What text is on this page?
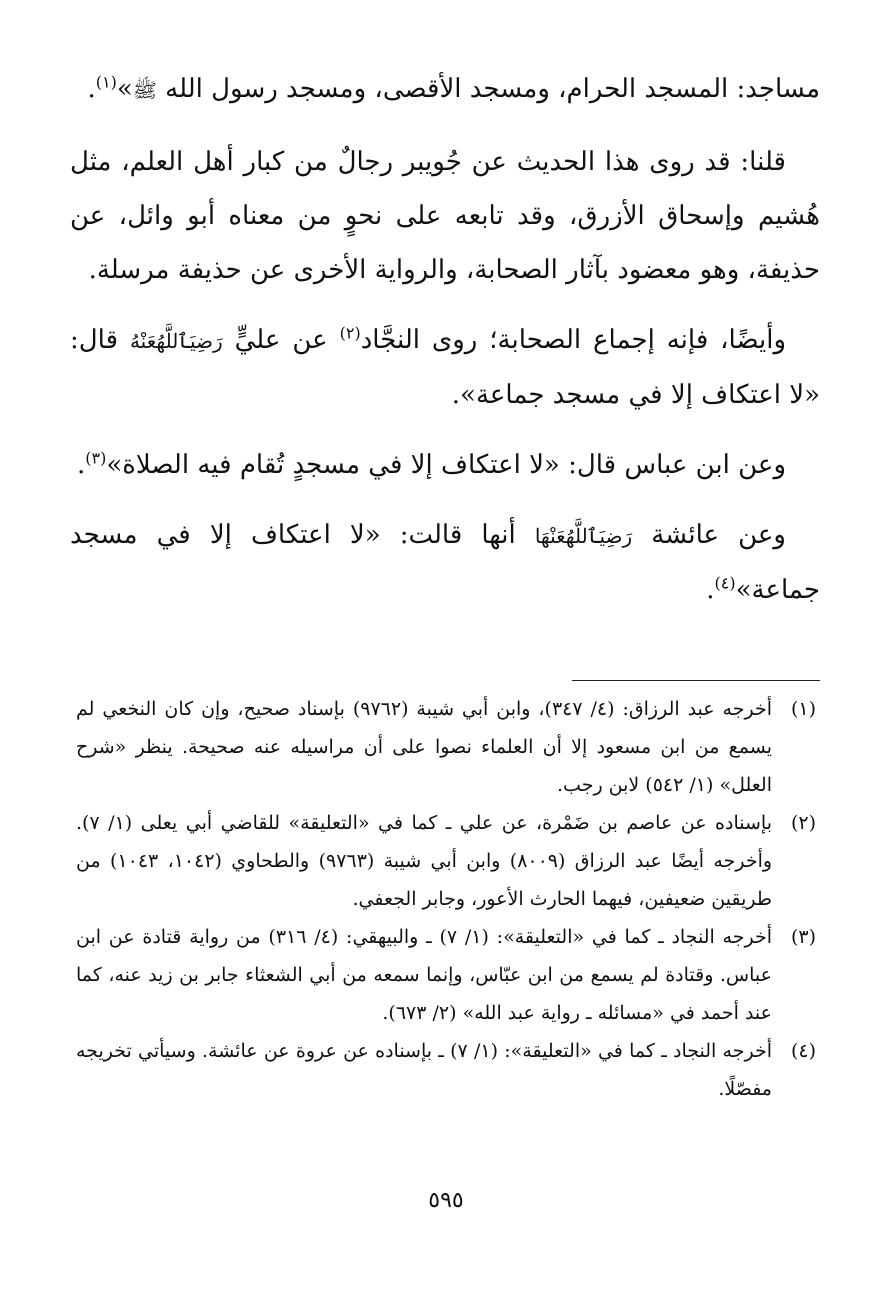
مساجد: المسجد الحرام، ومسجد الأقصى، ومسجد رسول الله ﷺ»$^{(١)}$.

قلنا: قد روى هذا الحديث عن جُويبر رجالٌ من كبار أهل العلم، مثل هُشيم وإسحاق الأزرق، وقد تابعه على نحوٍ من معناه أبو وائل، عن حذيفة، وهو معضود بآثار الصحابة، والرواية الأخرى عن حذيفة مرسلة.

وأيضًا، فإنه إجماع الصحابة؛ روى النجَّاد$^{(٢)}$ عن عليٍّ رَضِيَٱللَّهُعَنْهُ قال: «لا اعتكاف إلا في مسجد جماعة».

وعن ابن عباس قال: «لا اعتكاف إلا في مسجدٍ تُقام فيه الصلاة»$^{(٣)}$.

وعن عائشة رَضِيَٱللَّهُعَنْهَا أنها قالت: «لا اعتكاف إلا في مسجد جماعة»$^{(٤)}$.

(١)
أخرجه عبد الرزاق: (٤/ ٣٤٧)، وابن أبي شيبة (٩٧٦٢) بإسناد صحيح، وإن كان النخعي لم يسمع من ابن مسعود إلا أن العلماء نصوا على أن مراسيله عنه صحيحة. ينظر «شرح العلل» (١/ ٥٤٢) لابن رجب.
(٢)
بإسناده عن عاصم بن ضَمْرة، عن علي ـ كما في «التعليقة» للقاضي أبي يعلى (١/ ٧). وأخرجه أيضًا عبد الرزاق (٨٠٠٩) وابن أبي شيبة (٩٧٦٣) والطحاوي (١٠٤٢، ١٠٤٣) من طريقين ضعيفين، فيهما الحارث الأعور، وجابر الجعفي.
(٣)
أخرجه النجاد ـ كما في «التعليقة»: (١/ ٧) ـ والبيهقي: (٤/ ٣١٦) من رواية قتادة عن ابن عباس. وقتادة لم يسمع من ابن عبّاس، وإنما سمعه من أبي الشعثاء جابر بن زيد عنه، كما عند أحمد في «مسائله ـ رواية عبد الله» (٢/ ٦٧٣).
(٤)
أخرجه النجاد ـ كما في «التعليقة»: (١/ ٧) ـ بإسناده عن عروة عن عائشة. وسيأتي تخريجه مفصّلًا.
٥٩٥
